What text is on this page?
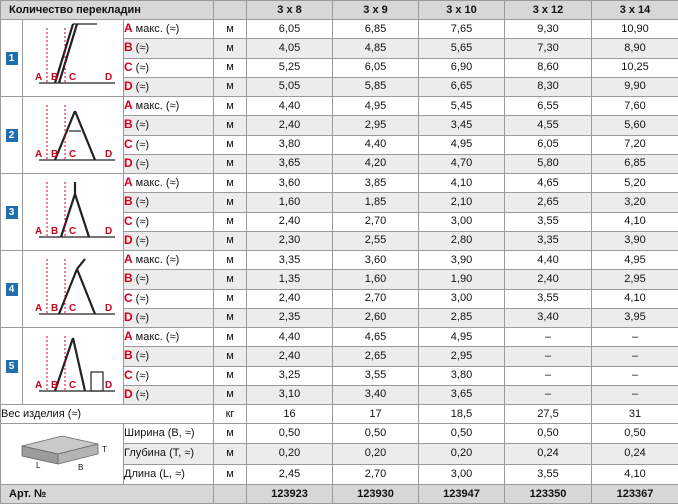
Количество перекладин				3 x 8	3 x 9	3 x 10	3 x 12	3 x 14
1	A B C D	A макс. (≈)	м	6,05	6,85	7,65	9,30	10,90
		B (≈)	м	4,05	4,85	5,65	7,30	8,90
		C (≈)	м	5,25	6,05	6,90	8,60	10,25
		D (≈)	м	5,05	5,85	6,65	8,30	9,90
2	A B C D	A макс. (≈)	м	4,40	4,95	5,45	6,55	7,60
		B (≈)	м	2,40	2,95	3,45	4,55	5,60
		C (≈)	м	3,80	4,40	4,95	6,05	7,20
		D (≈)	м	3,65	4,20	4,70	5,80	6,85
3	A B C D	A макс. (≈)	м	3,60	3,85	4,10	4,65	5,20
		B (≈)	м	1,60	1,85	2,10	2,65	3,20
		C (≈)	м	2,40	2,70	3,00	3,55	4,10
		D (≈)	м	2,30	2,55	2,80	3,35	3,90
4	A B C D	A макс. (≈)	м	3,35	3,60	3,90	4,40	4,95
		B (≈)	м	1,35	1,60	1,90	2,40	2,95
		C (≈)	м	2,40	2,70	3,00	3,55	4,10
		D (≈)	м	2,35	2,60	2,85	3,40	3,95
5	A B C D	A макс. (≈)	м	4,40	4,65	4,95	–	–
		B (≈)	м	2,40	2,65	2,95	–	–
		C (≈)	м	3,25	3,55	3,80	–	–
		D (≈)	м	3,10	3,40	3,65	–	–
Вес изделия (≈)			кг	16	17	18,5	27,5	31

T
L B		Ширина (B, ≈)	м	0,50	0,50	0,50	0,50	0,50
		Глубина (T, ≈)	м	0,20	0,20	0,20	0,24	0,24
		Длина (L, ≈)	м	2,45	2,70	3,00	3,55	4,10
Арт. №				123923	123930	123947	123350	123367
